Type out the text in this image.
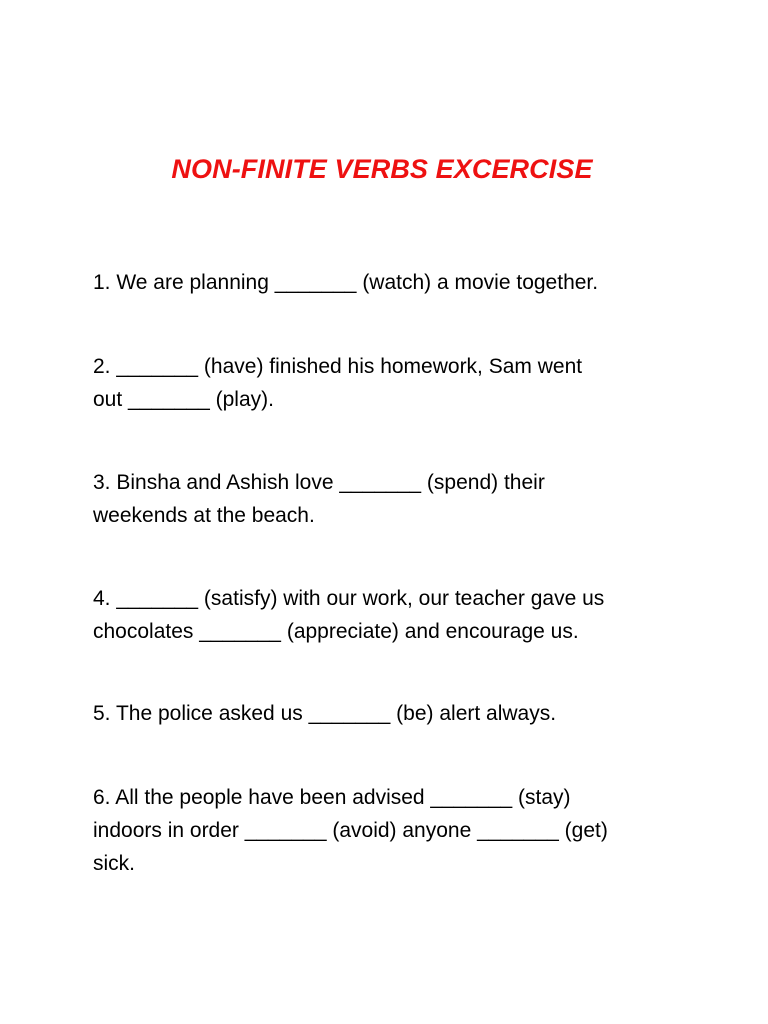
NON-FINITE VERBS EXCERCISE

1. We are planning _______ (watch) a movie together.

2. _______ (have) finished his homework, Sam went
out _______ (play).

3. Binsha and Ashish love _______ (spend) their
weekends at the beach.

4. _______ (satisfy) with our work, our teacher gave us
chocolates _______ (appreciate) and encourage us.

5. The police asked us _______ (be) alert always.

6. All the people have been advised _______ (stay)
indoors in order _______ (avoid) anyone _______ (get)
sick.
